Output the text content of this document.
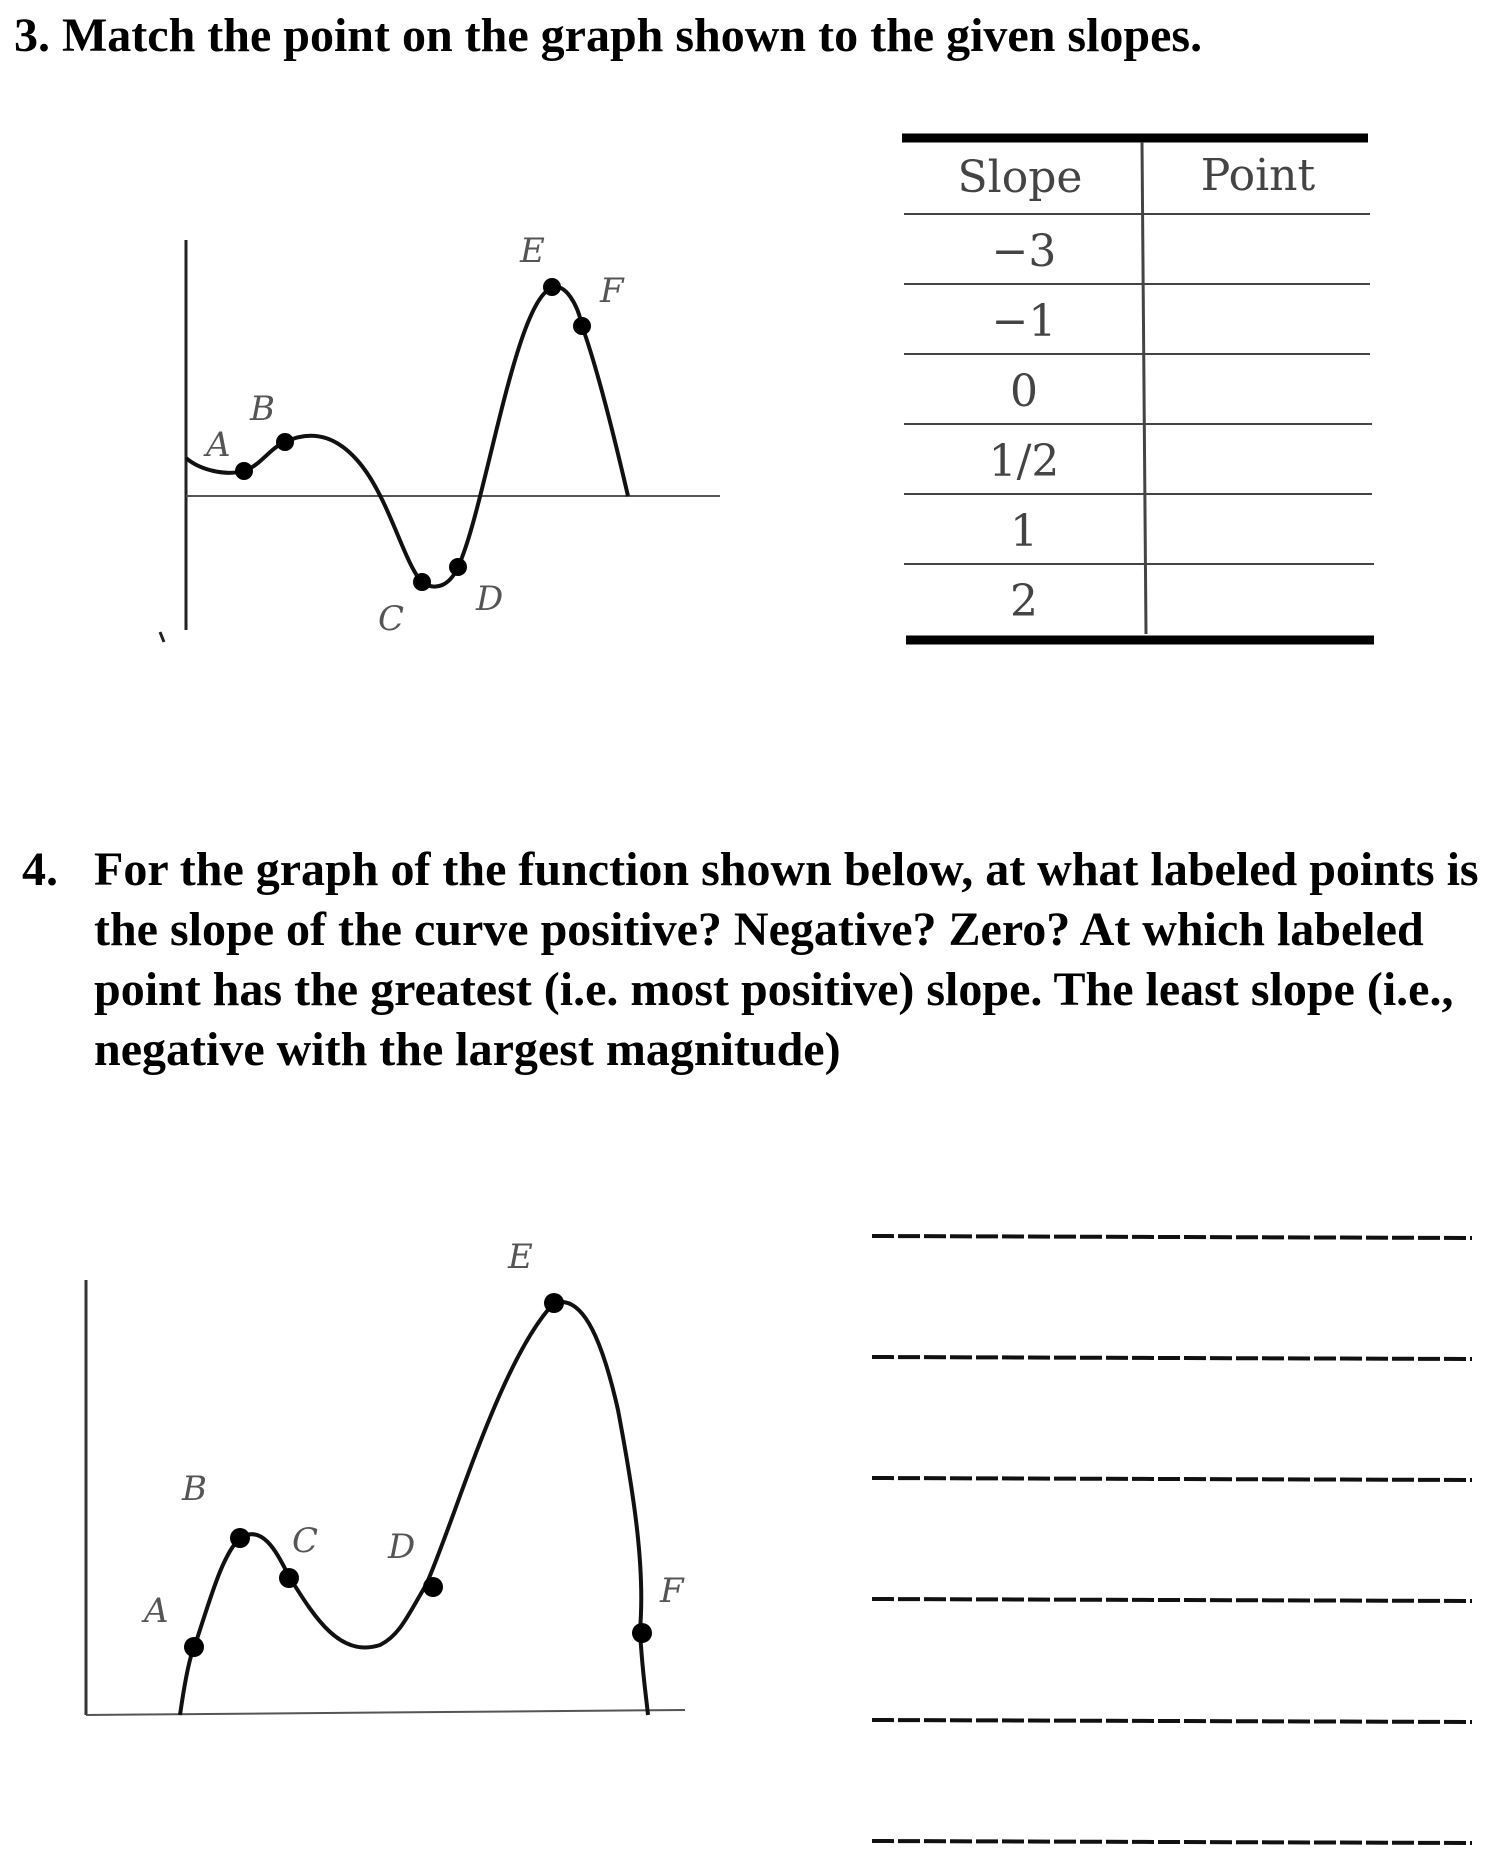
3. Match the point on the graph shown to the given slopes.
A
B
C D
E
F
Slope	Point
−3
−1
0
1/2
1
2
4. For the graph of the function shown below, at what labeled points is the slope of the curve positive? Negative? Zero? At which labeled point has the greatest (i.e. most positive) slope. The least slope (i.e., negative with the largest magnitude)
A
B
C D
E
F
